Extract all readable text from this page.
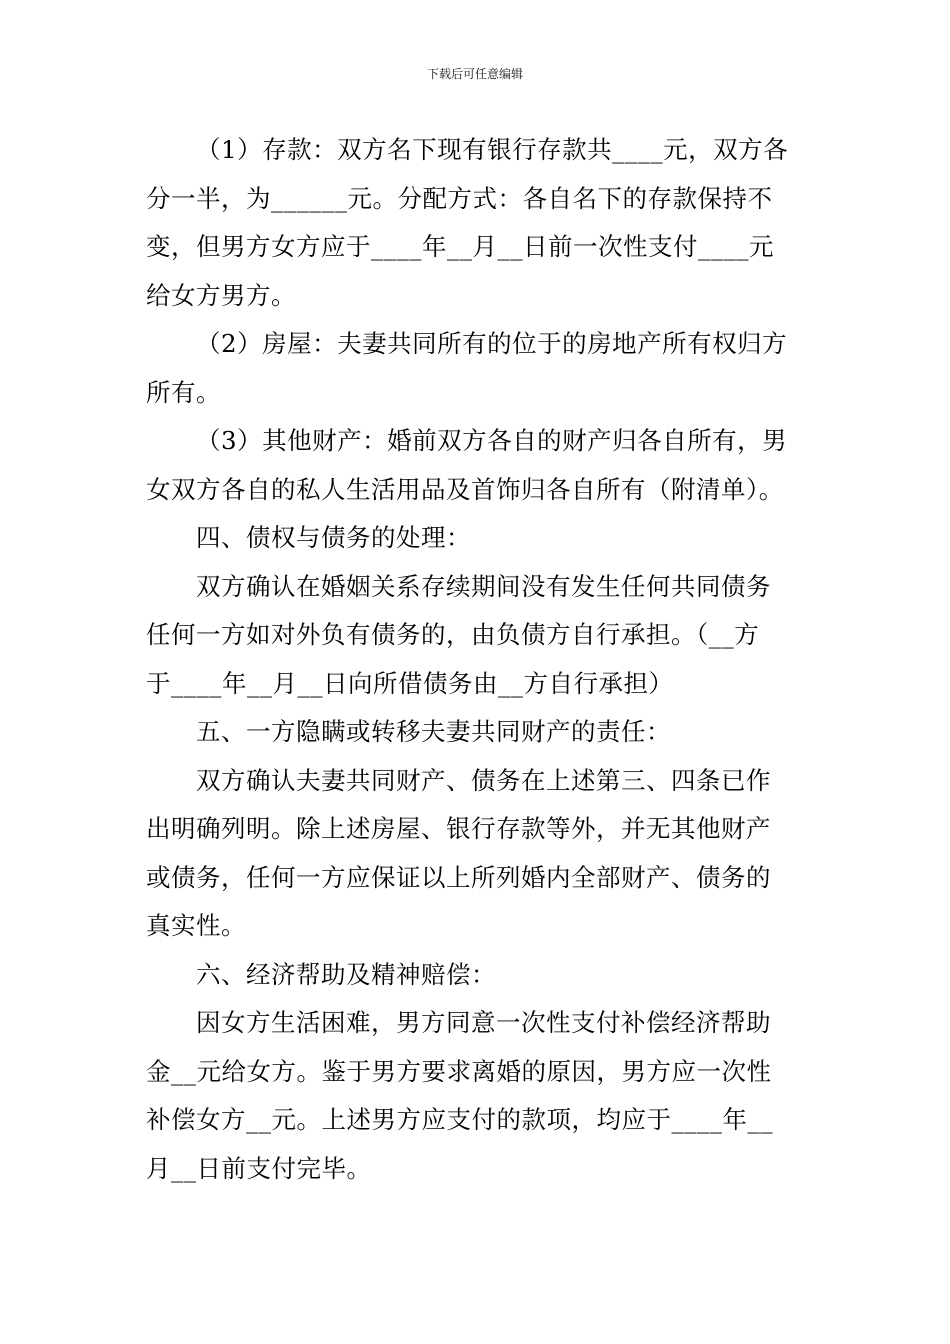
下载后可任意编辑

（1）存款：双方名下现有银行存款共____元，双方各
分一半，为______元。分配方式：各自名下的存款保持不
变，但男方女方应于____年__月__日前一次性支付____元
给女方男方。

（2）房屋：夫妻共同所有的位于的房地产所有权归方
所有。

（3）其他财产：婚前双方各自的财产归各自所有，男
女双方各自的私人生活用品及首饰归各自所有（附清单）。

四、债权与债务的处理：

双方确认在婚姻关系存续期间没有发生任何共同债务
任何一方如对外负有债务的，由负债方自行承担。（__方
于____年__月__日向所借债务由__方自行承担）

五、一方隐瞒或转移夫妻共同财产的责任：

双方确认夫妻共同财产、债务在上述第三、四条已作
出明确列明。除上述房屋、银行存款等外，并无其他财产
或债务，任何一方应保证以上所列婚内全部财产、债务的
真实性。

六、经济帮助及精神赔偿：

因女方生活困难，男方同意一次性支付补偿经济帮助
金__元给女方。鉴于男方要求离婚的原因，男方应一次性
补偿女方__元。上述男方应支付的款项，均应于____年__
月__日前支付完毕。
